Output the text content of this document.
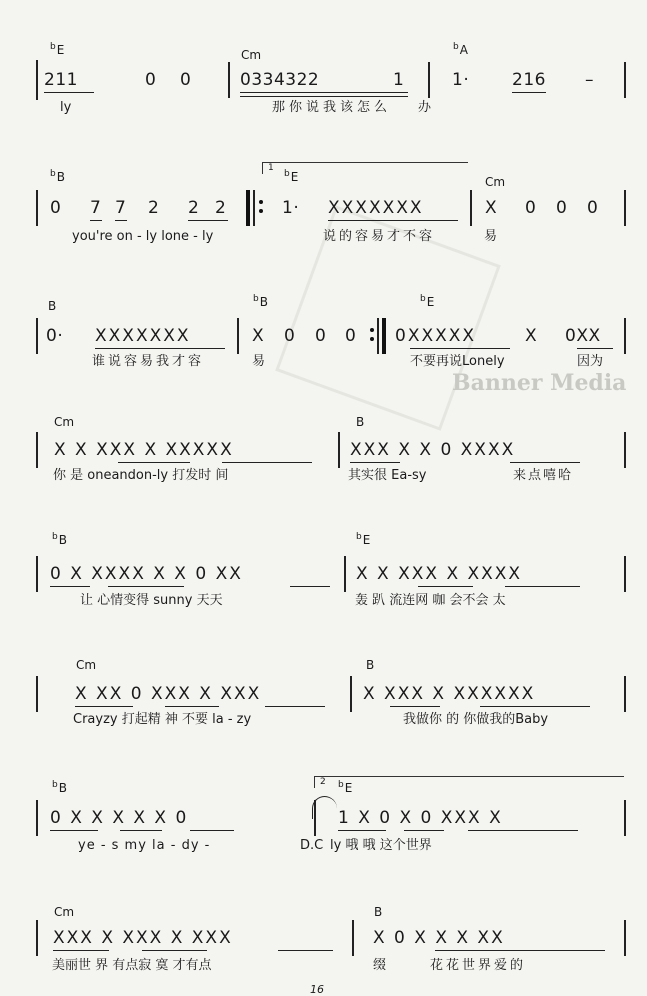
Banner Media
$^b$E	Cm
$^b$A
211	0 0	0334322	1	1·	216 –
ly	那你说我该怎么 办
$^b$B	$^b$E	Cm
1
0 7 7 2 2 2	1· XXXXXXX	X 0 0 0
you're on - ly lone - ly	说的容易才不容	易
B	$^b$B	$^b$E
0· XXXXXXX	X 0 0 0 0XXXXX	X 0XX
谁说容易我才容	易	不要再说Lonely	因为
Cm	B
X X XXX X XXXXX	XXX X X 0 XXXX
你 是 oneandon-ly 打发时 间	其实很 Ea-sy	来点嘻哈
$^b$B	$^b$E
0 X XXXX X X 0 XX	X X XXX X XXXX
让 心情变得 sunny 天天	轰 趴 流连网 咖 会不会 太
Cm	B
X XX 0 XXX X XXX	X XXX X XXXXXX
Crayzy 打起精 神 不要 la - zy	我做你 的 你做我的Baby
$^b$B	$^b$E
2
0 X X X X X 0	1 X 0 X 0 XXX X
ye - s my la - dy -	D.C ly 哦 哦 这个世界
Cm	B
XXX X XXX X XXX	X 0 X X X XX
美丽世 界 有点寂 寞 才有点	缀	花花世界爱的
16
